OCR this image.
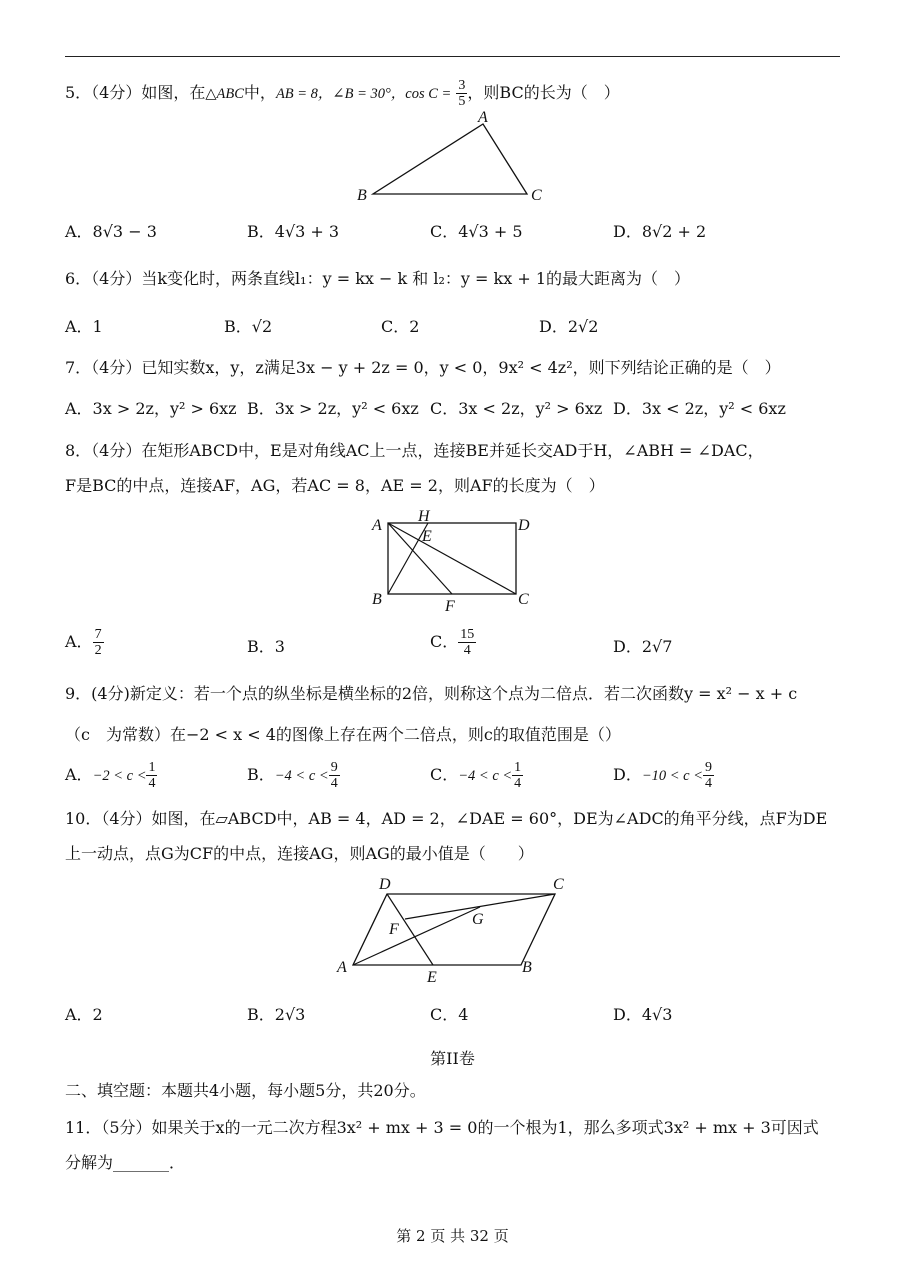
5．（4分）如图，在△ABC中，AB = 8，∠B = 30°，$\cos C = \frac{3}{5}$ ，则BC的长为（　）
A
B	C
A．8√3 − 3	B．4√3 + 3	C．4√3 + 5	D．8√2 + 2
6．（4分）当k变化时，两条直线l₁：y = kx − k 和 l₂：y = kx + 1的最大距离为（　）
A．1	B．√2	C．2	D．2√2
7．（4分）已知实数x，y，z满足3x − y + 2z = 0，y < 0，9x² < 4z²，则下列结论正确的是（　）
A．3x > 2z，y² > 6xz B．3x > 2z，y² < 6xz C．3x < 2z，y² > 6xz D．3x < 2z，y² < 6xz
8．（4分）在矩形ABCD中，E是对角线AC上一点，连接BE并延长交AD于H，∠ABH = ∠DAC，
F是BC的中点，连接AF，AG，若AC = 8，AE = 2，则AF的长度为（　）
A
H
E
D
B	F	C
A． $\frac{7}{2}$	B．3	C． $\frac{15}{4}$	D．2√7
9．(4分)新定义：若一个点的纵坐标是横坐标的2倍，则称这个点为二倍点．若二次函数y = x² − x + c
（c　为常数）在−2 < x < 4的图像上存在两个二倍点，则c的取值范围是（）
A．$-2 < c < \frac{1}{4}$	B．$-4 < c < \frac{9}{4}$	C．$-4 < c < \frac{1}{4}$	D．$-10 < c < \frac{9}{4}$
10．（4分）如图，在▱ABCD中，AB = 4，AD = 2，∠DAE = 60°，DE为∠ADC的角平分线，点F为DE
上一动点，点G为CF的中点，连接AG，则AG的最小值是（　　）
D	C
G
F
A
E
B
A．2	B．2√3	C．4	D．4√3
第II卷
二、填空题：本题共4小题，每小题5分，共20分。
11．（5分）如果关于x的一元二次方程3x² + mx + 3 = 0的一个根为1，那么多项式3x² + mx + 3可因式
分解为_______．
第 2 页 共 32 页
